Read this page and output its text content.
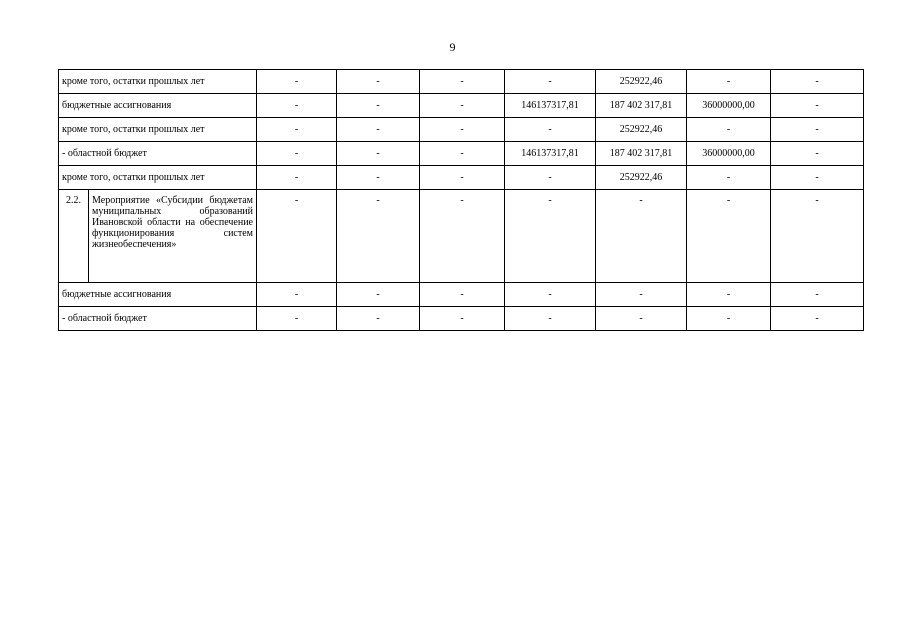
9

кроме того, остатки прошлых лет		-	-	-	-	252922,46	-	-
бюджетные ассигнования		-	-	-	146137317,81	187 402 317,81	36000000,00	-
кроме того, остатки прошлых лет		-	-	-	-	252922,46	-	-
- областной бюджет		-	-	-	146137317,81	187 402 317,81	36000000,00	-
кроме того, остатки прошлых лет		-	-	-	-	252922,46	-	-
2.2.	Мероприятие «Субсидии бюджетам муниципальных образований Ивановской области на обеспечение функционирования систем жизнеобеспечения»	-	-	-	-	-	-	-
бюджетные ассигнования		-	-	-	-	-	-	-
- областной бюджет		-	-	-	-	-	-	-
